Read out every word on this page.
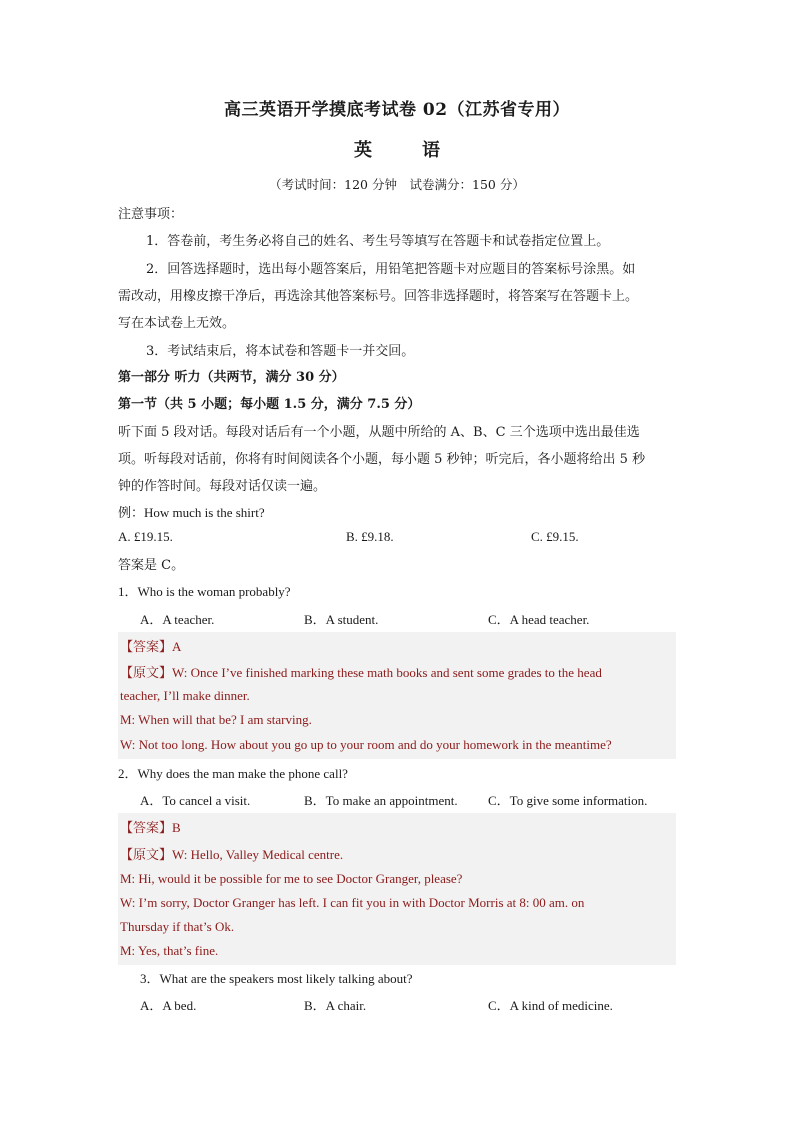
高三英语开学摸底考试卷 02（江苏省专用）
英	语
（考试时间：120 分钟　试卷满分：150 分）
注意事项：
1．答卷前，考生务必将自己的姓名、考生号等填写在答题卡和试卷指定位置上。
2．回答选择题时，选出每小题答案后，用铅笔把答题卡对应题目的答案标号涂黑。如
需改动，用橡皮擦干净后，再选涂其他答案标号。回答非选择题时，将答案写在答题卡上。
写在本试卷上无效。
3．考试结束后，将本试卷和答题卡一并交回。
第一部分 听力（共两节，满分 30 分）
第一节（共 5 小题；每小题 1.5 分，满分 7.5 分）
听下面 5 段对话。每段对话后有一个小题，从题中所给的 A、B、C 三个选项中选出最佳选
项。听每段对话前，你将有时间阅读各个小题，每小题 5 秒钟；听完后，各小题将给出 5 秒
钟的作答时间。每段对话仅读一遍。
例：How much is the shirt?
A. £19.15.	B. £9.18.	C. £9.15.
答案是 C。
1．Who is the woman probably?
A．A teacher.	B．A student.	C．A head teacher.
【答案】A
【原文】W: Once I’ve finished marking these math books and sent some grades to the head
teacher, I’ll make dinner.
M: When will that be? I am starving.
W: Not too long. How about you go up to your room and do your homework in the meantime?
2．Why does the man make the phone call?
A．To cancel a visit.	B．To make an appointment. C．To give some information.
【答案】B
【原文】W: Hello, Valley Medical centre.
M: Hi, would it be possible for me to see Doctor Granger, please?
W: I’m sorry, Doctor Granger has left. I can fit you in with Doctor Morris at 8: 00 am. on
Thursday if that’s Ok.
M: Yes, that’s fine.
3．What are the speakers most likely talking about?
A．A bed.	B．A chair.	C．A kind of medicine.
